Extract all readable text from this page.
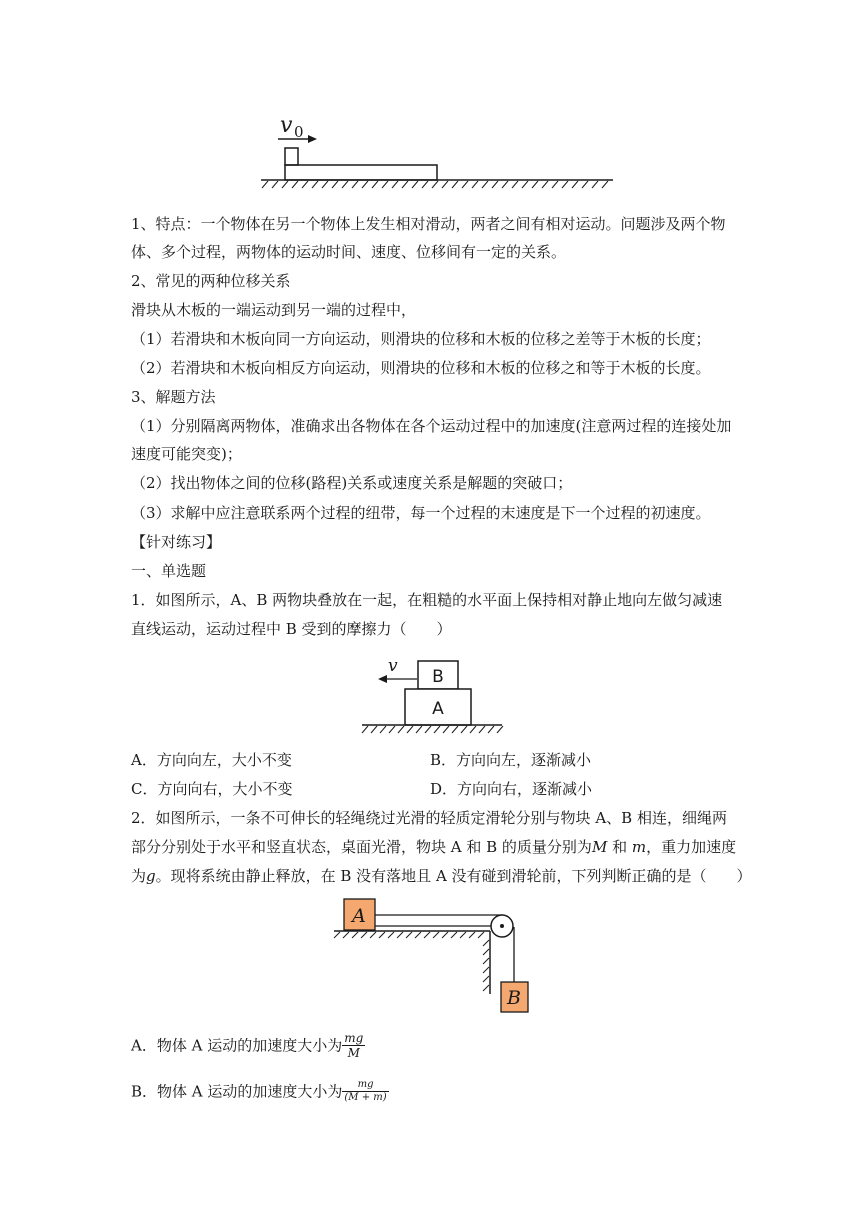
v 0
1、特点：一个物体在另一个物体上发生相对滑动，两者之间有相对运动。问题涉及两个物
体、多个过程，两物体的运动时间、速度、位移间有一定的关系。
2、常见的两种位移关系
滑块从木板的一端运动到另一端的过程中，
（1）若滑块和木板向同一方向运动，则滑块的位移和木板的位移之差等于木板的长度；
（2）若滑块和木板向相反方向运动，则滑块的位移和木板的位移之和等于木板的长度。
3、解题方法
（1）分别隔离两物体，准确求出各物体在各个运动过程中的加速度(注意两过程的连接处加
速度可能突变)；
（2）找出物体之间的位移(路程)关系或速度关系是解题的突破口；
（3）求解中应注意联系两个过程的纽带，每一个过程的末速度是下一个过程的初速度。
【针对练习】
一、单选题
1．如图所示，A、B 两物块叠放在一起，在粗糙的水平面上保持相对静止地向左做匀减速
直线运动，运动过程中 B 受到的摩擦力（　　）
v
B
A
A．方向向左，大小不变	B．方向向左，逐渐减小
C．方向向右，大小不变	D．方向向右，逐渐减小
2．如图所示，一条不可伸长的轻绳绕过光滑的轻质定滑轮分别与物块 A、B 相连，细绳两
部分分别处于水平和竖直状态，桌面光滑，物块 A 和 B 的质量分别为M 和 m，重力加速度
为g。现将系统由静止释放，在 B 没有落地且 A 没有碰到滑轮前，下列判断正确的是（　　）
A
B
A．物体 A 运动的加速度大小为 $\frac{mg}{M}$
B．物体 A 运动的加速度大小为 $\frac{mg}{(M + m)}$
